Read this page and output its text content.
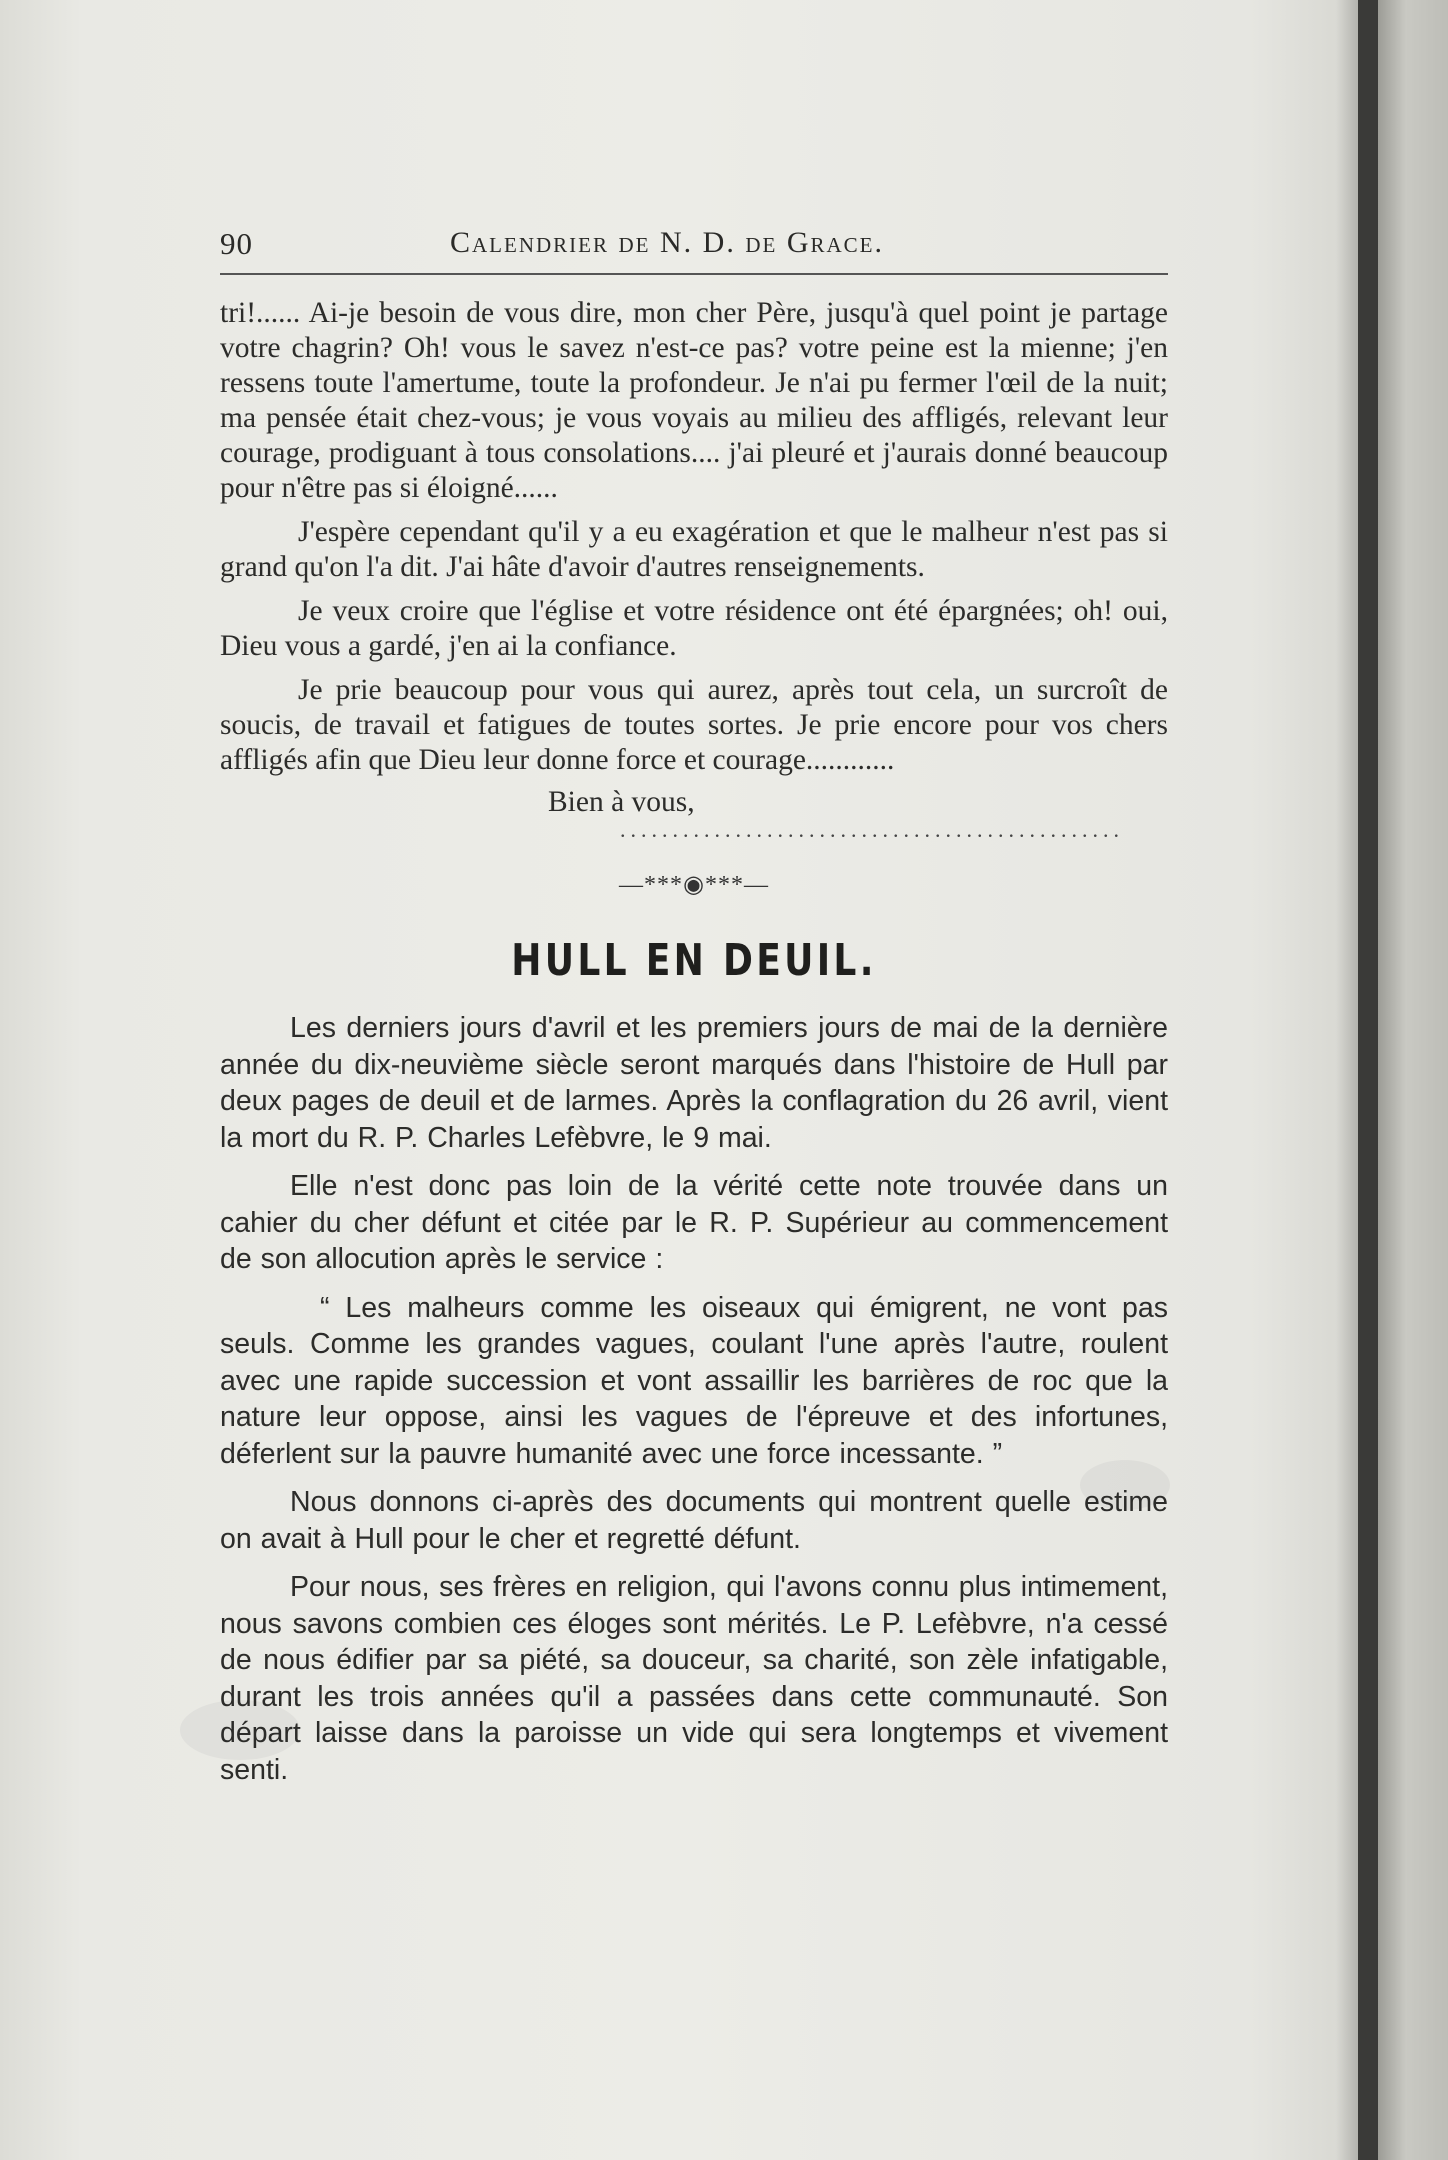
90	Calendrier de N. D. de Grace.

tri!...... Ai-je besoin de vous dire, mon cher Père, jusqu'à quel point je partage votre chagrin? Oh! vous le savez n'est-ce pas? votre peine est la mienne; j'en ressens toute l'amertume, toute la profondeur. Je n'ai pu fermer l'œil de la nuit; ma pensée était chez-vous; je vous voyais au milieu des affligés, relevant leur courage, prodiguant à tous consolations.... j'ai pleuré et j'aurais donné beaucoup pour n'être pas si éloigné......

J'espère cependant qu'il y a eu exagération et que le malheur n'est pas si grand qu'on l'a dit. J'ai hâte d'avoir d'autres renseignements.

Je veux croire que l'église et votre résidence ont été épargnées; oh! oui, Dieu vous a gardé, j'en ai la confiance.

Je prie beaucoup pour vous qui aurez, après tout cela, un surcroît de soucis, de travail et fatigues de toutes sortes. Je prie encore pour vos chers affligés afin que Dieu leur donne force et courage............

Bien à vous,
................................................
—***◉***—
HULL EN DEUIL.

Les derniers jours d'avril et les premiers jours de mai de la dernière année du dix-neuvième siècle seront marqués dans l'histoire de Hull par deux pages de deuil et de larmes. Après la conflagration du 26 avril, vient la mort du R. P. Charles Lefèbvre, le 9 mai.

Elle n'est donc pas loin de la vérité cette note trouvée dans un cahier du cher défunt et citée par le R. P. Supérieur au commencement de son allocution après le service :

“ Les malheurs comme les oiseaux qui émigrent, ne vont pas seuls. Comme les grandes vagues, coulant l'une après l'autre, roulent avec une rapide succession et vont assaillir les barrières de roc que la nature leur oppose, ainsi les vagues de l'épreuve et des infortunes, déferlent sur la pauvre humanité avec une force incessante. ”

Nous donnons ci-après des documents qui montrent quelle estime on avait à Hull pour le cher et regretté défunt.

Pour nous, ses frères en religion, qui l'avons connu plus intimement, nous savons combien ces éloges sont mérités. Le P. Lefèbvre, n'a cessé de nous édifier par sa piété, sa douceur, sa charité, son zèle infatigable, durant les trois années qu'il a passées dans cette communauté. Son départ laisse dans la paroisse un vide qui sera longtemps et vivement senti.
